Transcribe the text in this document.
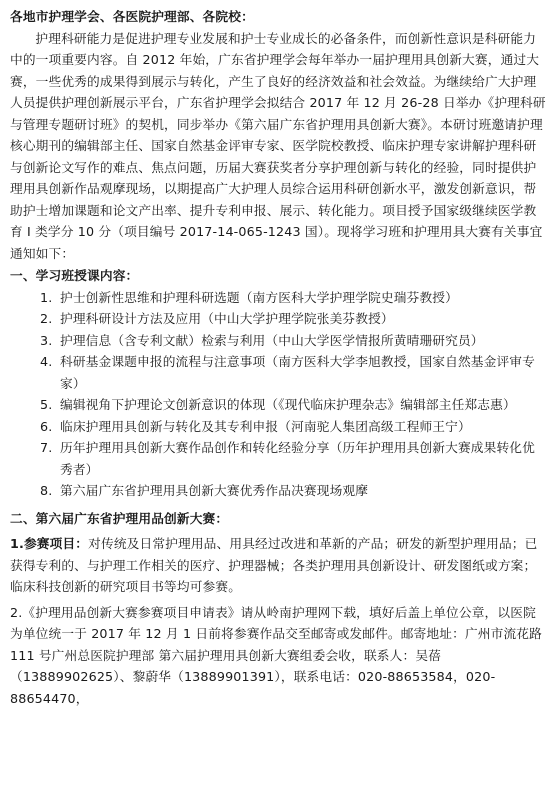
各地市护理学会、各医院护理部、各院校：

护理科研能力是促进护理专业发展和护士专业成长的必备条件，而创新性意识是科研能力中的一项重要内容。自 2012 年始，广东省护理学会每年举办一届护理用具创新大赛，通过大赛，一些优秀的成果得到展示与转化，产生了良好的经济效益和社会效益。为继续给广大护理人员提供护理创新展示平台，广东省护理学会拟结合 2017 年 12 月 26-28 日举办《护理科研与管理专题研讨班》的契机，同步举办《第六届广东省护理用具创新大赛》。本研讨班邀请护理核心期刊的编辑部主任、国家自然基金评审专家、医学院校教授、临床护理专家讲解护理科研与创新论文写作的难点、焦点问题，历届大赛获奖者分享护理创新与转化的经验，同时提供护理用具创新作品观摩现场，以期提高广大护理人员综合运用科研创新水平，激发创新意识，帮助护士增加课题和论文产出率、提升专利申报、展示、转化能力。项目授予国家级继续医学教育 I 类学分 10 分（项目编号 2017-14-065-1243 国）。现将学习班和护理用具大赛有关事宜通知如下：

一、学习班授课内容：

1. 护士创新性思维和护理科研选题（南方医科大学护理学院史瑞芬教授）
2. 护理科研设计方法及应用（中山大学护理学院张美芬教授）
3. 护理信息（含专利文献）检索与利用（中山大学医学情报所黄晴珊研究员）
4. 科研基金课题申报的流程与注意事项（南方医科大学李旭教授，国家自然基金评审专家）
5. 编辑视角下护理论文创新意识的体现（《现代临床护理杂志》编辑部主任郑志惠）
6. 临床护理用具创新与转化及其专利申报（河南驼人集团高级工程师王宁）
7. 历年护理用具创新大赛作品创作和转化经验分享（历年护理用具创新大赛成果转化优秀者）
8. 第六届广东省护理用具创新大赛优秀作品决赛现场观摩

二、第六届广东省护理用品创新大赛：

1.参赛项目：对传统及日常护理用品、用具经过改进和革新的产品；研发的新型护理用品；已获得专利的、与护理工作相关的医疗、护理器械；各类护理用具创新设计、研发图纸或方案；临床科技创新的研究项目书等均可参赛。

2.《护理用品创新大赛参赛项目申请表》请从岭南护理网下载，填好后盖上单位公章，以医院为单位统一于 2017 年 12 月 1 日前将参赛作品交至邮寄或发邮件。邮寄地址：广州市流花路 111 号广州总医院护理部 第六届护理用具创新大赛组委会收，联系人：吴蓓（13889902625）、黎蔚华（13889901391），联系电话：020-88653584，020-88654470，
